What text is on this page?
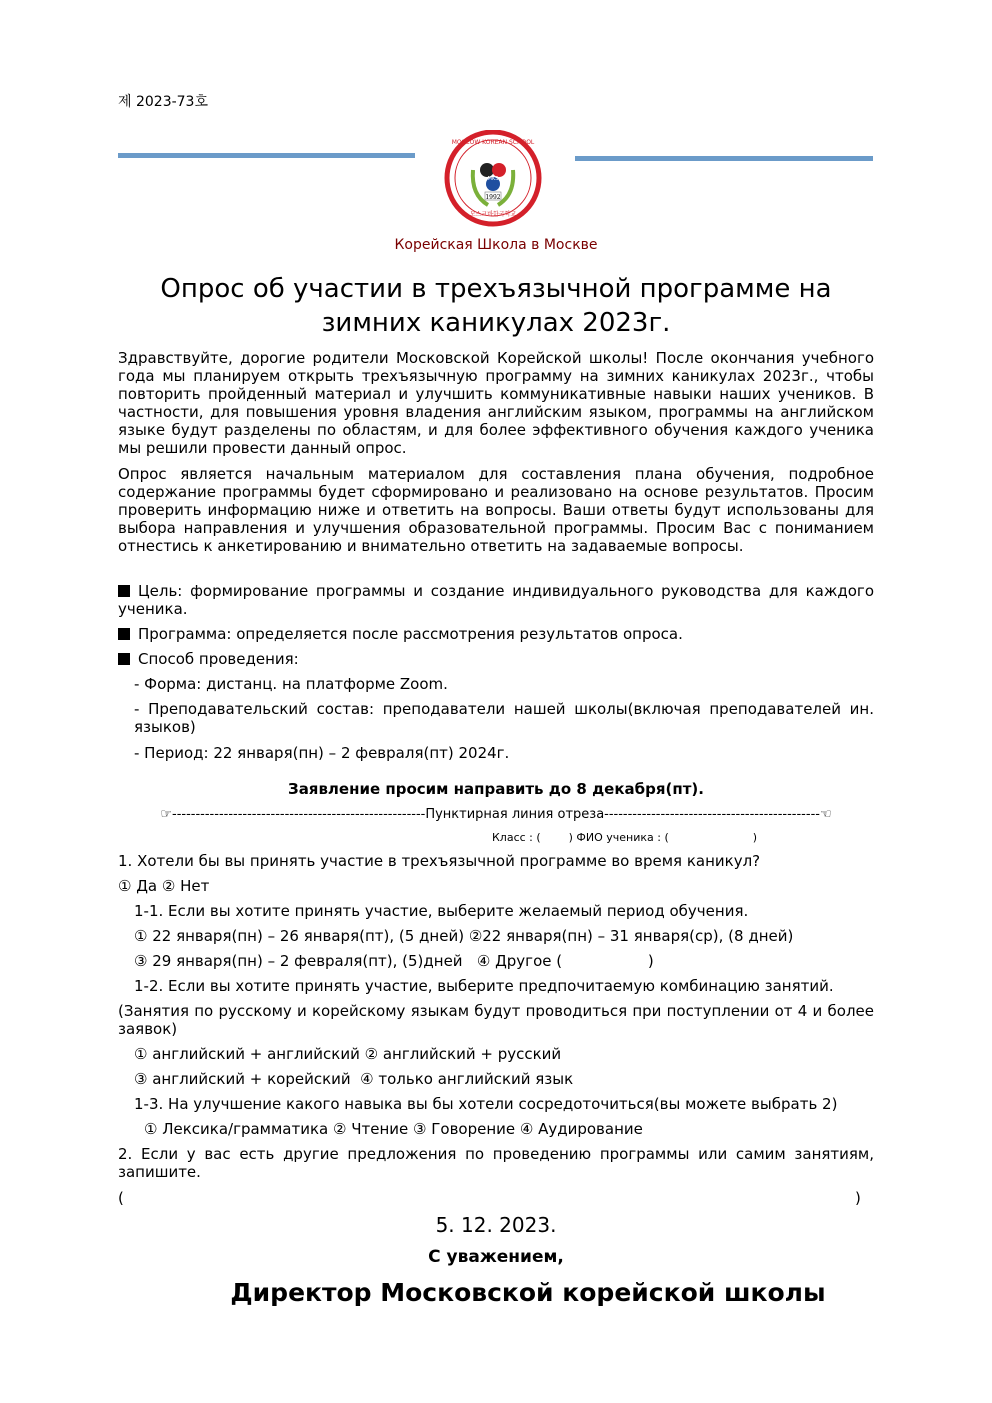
제 2023-73호
1992
MOSCOW KOREAN SCHOOL
모스크바한국학교
MKS
Корейская Школа в Москве
Опрос об участии в трехъязычной программе на
зимних каникулах 2023г.
Здравствуйте, дорогие родители Московской Корейской школы! После окончания учебного года мы планируем открыть трехъязычную программу на зимних каникулах 2023г., чтобы повторить пройденный материал и улучшить коммуникативные навыки наших учеников. В частности, для повышения уровня владения английским языком, программы на английском языке будут разделены по областям, и для более эффективного обучения каждого ученика мы решили провести данный опрос.
Опрос является начальным материалом для составления плана обучения, подробное содержание программы будет сформировано и реализовано на основе результатов. Просим проверить информацию ниже и ответить на вопросы. Ваши ответы будут использованы для выбора направления и улучшения образовательной программы. Просим Вас с пониманием отнестись к анкетированию и внимательно ответить на задаваемые вопросы.
Цель: формирование программы и создание индивидуального руководства для каждого ученика.
Программа: определяется после рассмотрения результатов опроса.
Способ проведения:
- Форма: дистанц. на платформе Zoom.
- Преподавательский состав: преподаватели нашей школы(включая преподавателей ин. языков)
- Период: 22 января(пн) – 2 февраля(пт) 2024г.
Заявление просим направить до 8 декабря(пт).
☞------------------------------------------------------Пунктирная линия отреза----------------------------------------------☜
Класс : (        ) ФИО ученика : (                        )
1. Хотели бы вы принять участие в трехъязычной программе во время каникул?
① Да ② Нет
1-1. Если вы хотите принять участие, выберите желаемый период обучения.
① 22 января(пн) – 26 января(пт), (5 дней) ②22 января(пн) – 31 января(ср), (8 дней)
③ 29 января(пн) – 2 февраля(пт), (5)дней   ④ Другое (                  )
1-2. Если вы хотите принять участие, выберите предпочитаемую комбинацию занятий.
(Занятия по русскому и корейскому языкам будут проводиться при поступлении от 4 и более заявок)
① английский + английский ② английский + русский
③ английский + корейский  ④ только английский язык
1-3. На улучшение какого навыка вы бы хотели сосредоточиться(вы можете выбрать 2)
① Лексика/грамматика ② Чтение ③ Говорение ④ Аудирование
2. Если у вас есть другие предложения по проведению программы или самим занятиям, запишите.
(	)
5. 12. 2023.
С уважением,
Директор Московской корейской школы
